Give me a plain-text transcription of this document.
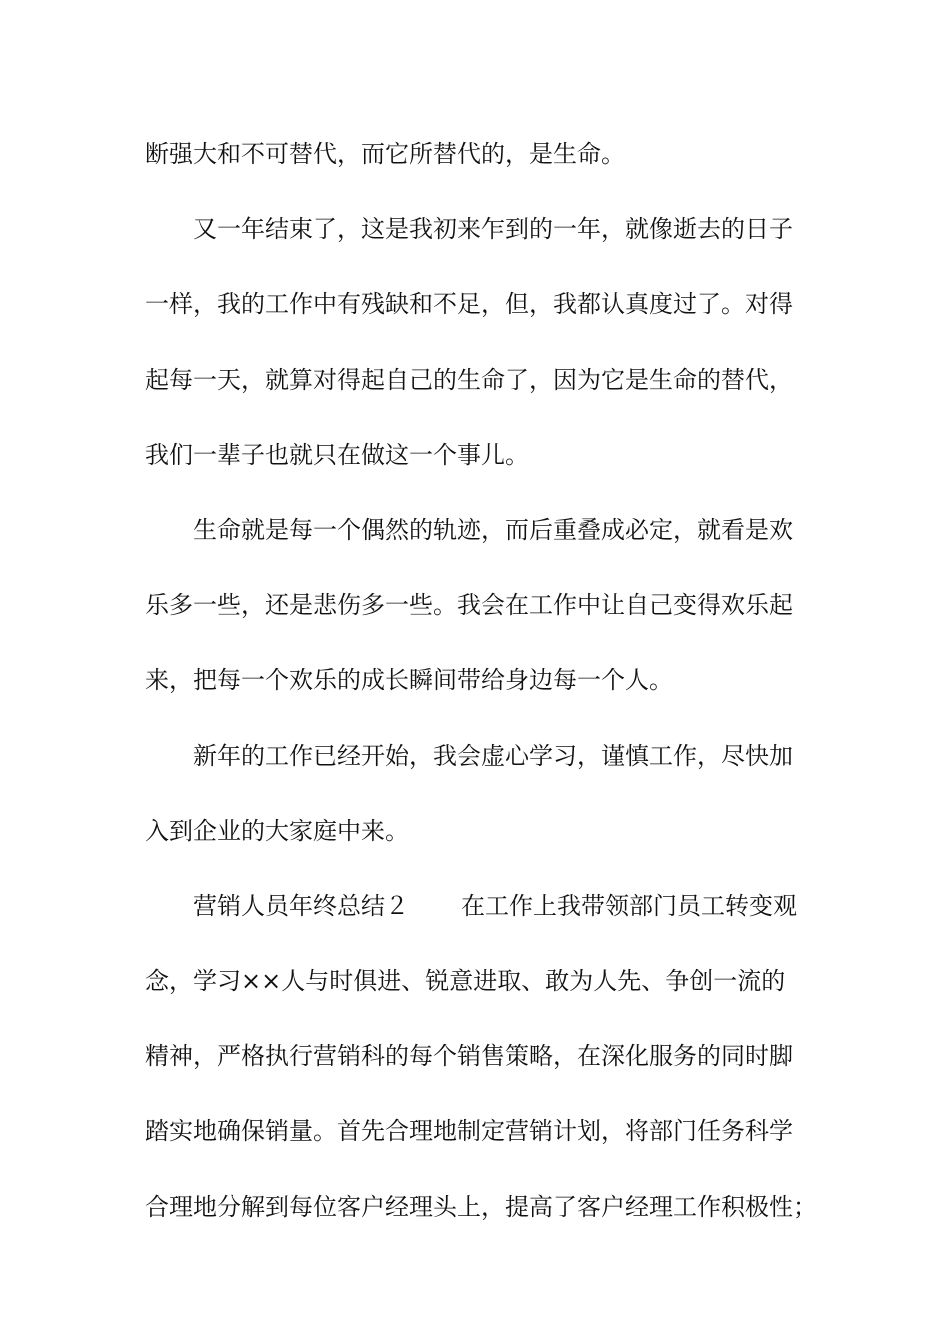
断强大和不可替代，而它所替代的，是生命。
又一年结束了，这是我初来乍到的一年，就像逝去的日子
一样，我的工作中有残缺和不足，但，我都认真度过了。对得
起每一天，就算对得起自己的生命了，因为它是生命的替代，
我们一辈子也就只在做这一个事儿。
生命就是每一个偶然的轨迹，而后重叠成必定，就看是欢
乐多一些，还是悲伤多一些。我会在工作中让自己变得欢乐起
来，把每一个欢乐的成长瞬间带给身边每一个人。
新年的工作已经开始，我会虚心学习，谨慎工作，尽快加
入到企业的大家庭中来。
营销人员年终总结２ 在工作上我带领部门员工转变观
念，学习××人与时俱进、锐意进取、敢为人先、争创一流的
精神，严格执行营销科的每个销售策略，在深化服务的同时脚
踏实地确保销量。首先合理地制定营销计划，将部门任务科学
合理地分解到每位客户经理头上，提高了客户经理工作积极性；
